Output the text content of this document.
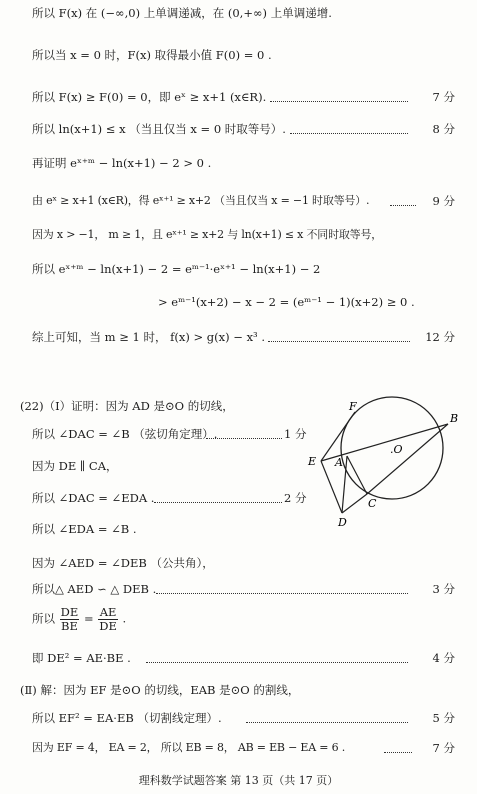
所以 F(x) 在 (−∞,0) 上单调递减，在 (0,+∞) 上单调递增.
所以当 x = 0 时，F(x) 取得最小值 F(0) = 0 .
所以 F(x) ≥ F(0) = 0，即 eˣ ≥ x+1 (x∈R).	7 分
所以 ln(x+1) ≤ x （当且仅当 x = 0 时取等号）.	8 分
再证明 eˣ⁺ᵐ − ln(x+1) − 2 > 0 .
由 eˣ ≥ x+1 (x∈R)，得 eˣ⁺¹ ≥ x+2 （当且仅当 x = −1 时取等号）.	9 分
因为 x > −1， m ≥ 1，且 eˣ⁺¹ ≥ x+2 与 ln(x+1) ≤ x 不同时取等号，
所以 eˣ⁺ᵐ − ln(x+1) − 2 = eᵐ⁻¹·eˣ⁺¹ − ln(x+1) − 2
> eᵐ⁻¹(x+2) − x − 2 = (eᵐ⁻¹ − 1)(x+2) ≥ 0 .
综上可知，当 m ≥ 1 时， f(x) > g(x) − x³ .	12 分
(22)（Ⅰ）证明：因为 AD 是⊙O 的切线，
所以 ∠DAC = ∠B （弦切角定理）.	1 分
因为 DE ∥ CA，
所以 ∠DAC = ∠EDA .	2 分
所以 ∠EDA = ∠B .
因为 ∠AED = ∠DEB （公共角），
所以△ AED ∽ △ DEB .	3 分
所以 $\frac{DE}{BE} = \frac{AE}{DE}$ .
即 DE² = AE·BE .	4 分
(Ⅱ) 解：因为 EF 是⊙O 的切线，EAB 是⊙O 的割线，
所以 EF² = EA·EB （切割线定理）.	5 分
因为 EF = 4， EA = 2， 所以 EB = 8， AB = EB − EA = 6 .	7 分
F
B
E A
.O
C
D
理科数学试题答案 第 13 页（共 17 页）
